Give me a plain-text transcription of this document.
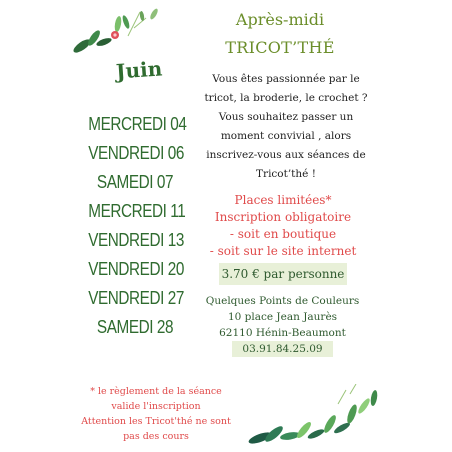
Après-midi
TRICOT’THÉ
Juin	Vous êtes passionnée par le
tricot, la broderie, le crochet ?
Vous souhaitez passer un
moment convivial , alors
inscrivez-vous aux séances de
Tricot’thé !
MERCREDI 04
VENDREDI 06
SAMEDI 07
MERCREDI 11
VENDREDI 13
VENDREDI 20
VENDREDI 27
SAMEDI 28
Places limitées*
Inscription obligatoire
- soit en boutique
- soit sur le site internet
3.70 € par personne
Quelques Points de Couleurs
10 place Jean Jaurès
62110 Hénin-Beaumont
03.91.84.25.09
* le règlement de la séance
valide l'inscription
Attention les Tricot'thé ne sont
pas des cours
